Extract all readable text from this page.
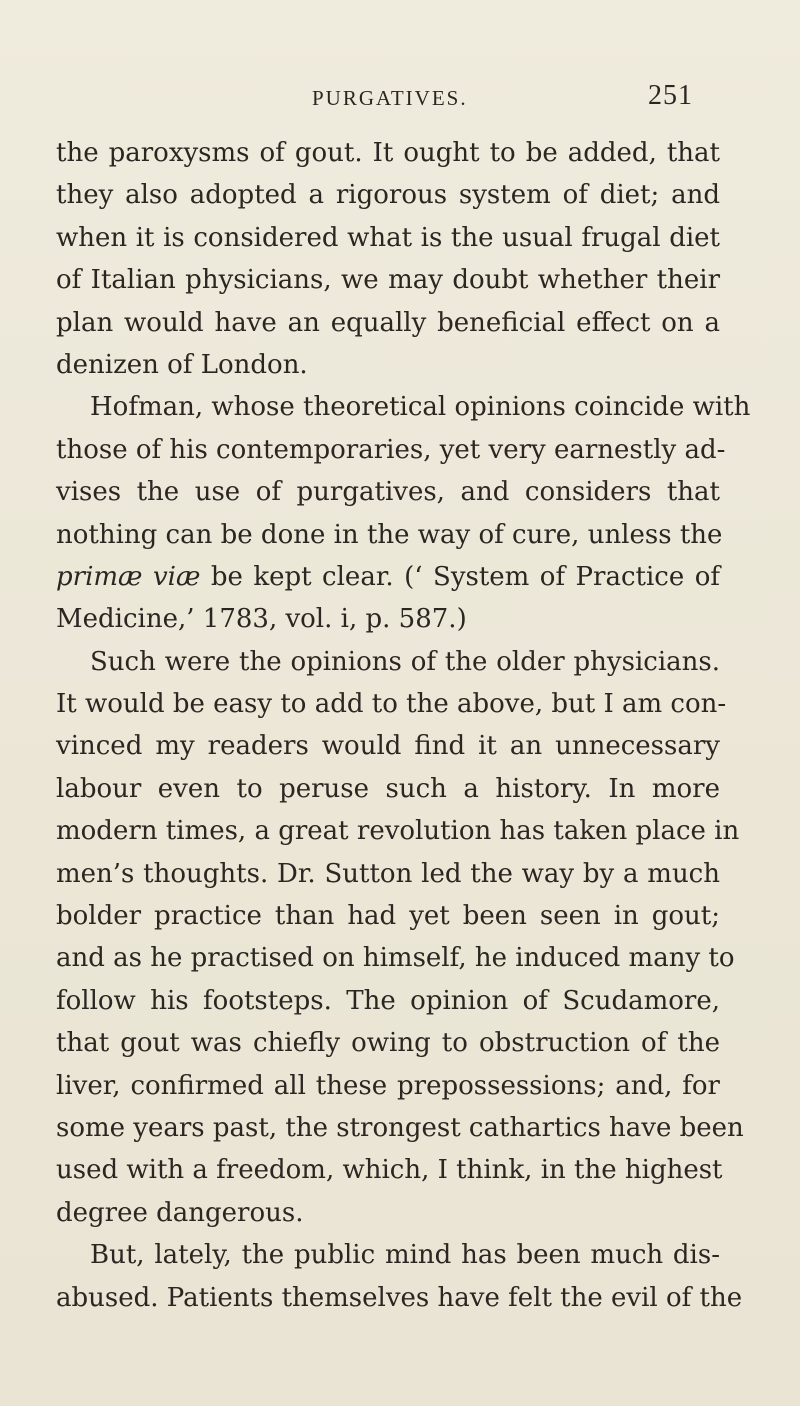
PURGATIVES.	251
the paroxysms of gout. It ought to be added, that
they also adopted a rigorous system of diet; and
when it is considered what is the usual frugal diet
of Italian physicians, we may doubt whether their
plan would have an equally beneficial effect on a
denizen of London.
Hofman, whose theoretical opinions coincide with
those of his contemporaries, yet very earnestly ad-
vises the use of purgatives, and considers that
nothing can be done in the way of cure, unless the
primæ viæ be kept clear. (‘ System of Practice of
Medicine,’ 1783, vol. i, p. 587.)
Such were the opinions of the older physicians.
It would be easy to add to the above, but I am con-
vinced my readers would find it an unnecessary
labour even to peruse such a history. In more
modern times, a great revolution has taken place in
men’s thoughts. Dr. Sutton led the way by a much
bolder practice than had yet been seen in gout;
and as he practised on himself, he induced many to
follow his footsteps. The opinion of Scudamore,
that gout was chiefly owing to obstruction of the
liver, confirmed all these prepossessions; and, for
some years past, the strongest cathartics have been
used with a freedom, which, I think, in the highest
degree dangerous.
But, lately, the public mind has been much dis-
abused. Patients themselves have felt the evil of the
